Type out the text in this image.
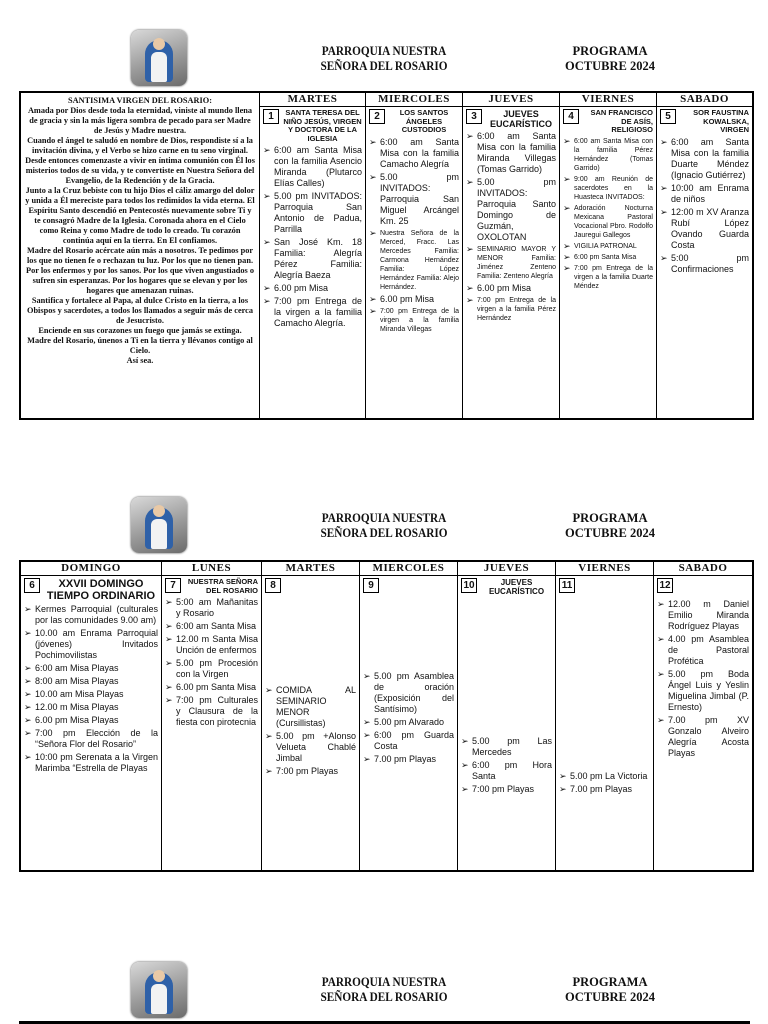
PARROQUIA NUESTRA SEÑORA DEL ROSARIO
PROGRAMA
OCTUBRE 2024
SANTISIMA VIRGEN DEL ROSARIO:
Amada por Dios desde toda la eternidad, viniste al mundo llena de gracia y sin la más ligera sombra de pecado para ser Madre de Jesús y Madre nuestra.
Cuando el ángel te saludó en nombre de Dios, respondiste sí a la invitación divina, y el Verbo se hizo carne en tu seno virginal. Desde entonces comenzaste a vivir en íntima comunión con Él los misterios todos de su vida, y te convertiste en Nuestra Señora del Evangelio, de la Redención y de la Gracia.
Junto a la Cruz bebiste con tu hijo Dios el cáliz amargo del dolor y unida a Él mereciste para todos los redimidos la vida eterna. El Espíritu Santo descendió en Pentecostés nuevamente sobre Ti y te consagró Madre de la Iglesia. Coronada ahora en el Cielo como Reina y como Madre de todo lo creado. Tu corazón continúa aquí en la tierra. En El confiamos.
Madre del Rosario acércate aún más a nosotros. Te pedimos por los que no tienen fe o rechazan tu luz. Por los que no tienen pan. Por los enfermos y por los sanos. Por los que viven angustiados o sufren sin esperanzas. Por los hogares que se elevan y por los hogares que amenazan ruinas.
Santifica y fortalece al Papa, al dulce Cristo en la tierra, a los Obispos y sacerdotes, a todos los llamados a seguir más de cerca de Jesucristo.
Enciende en sus corazones un fuego que jamás se extinga.
Madre del Rosario, únenos a Ti en la tierra y llévanos contigo al Cielo.
Así sea.
MARTES
1	SANTA TERESA DEL NIÑO JESÚS, VIRGEN Y DOCTORA DE LA IGLESIA
➢ 6:00 am Santa Misa con la familia Asencio Miranda (Plutarco Elías Calles)
➢ 5.00 pm INVITADOS: Parroquia San Antonio de Padua, Parrilla
➢ San José Km. 18 Familia: Alegría Pérez Familia: Alegría Baeza
➢ 6.00 pm Misa
➢ 7:00 pm Entrega de la virgen a la familia Camacho Alegría.
MIERCOLES
2	LOS SANTOS ÁNGELES CUSTODIOS
➢ 6:00 am Santa Misa con la familia Camacho Alegría
➢ 5.00 pm INVITADOS: Parroquia San Miguel Arcángel Km. 25
➢ Nuestra Señora de la Merced, Fracc. Las Mercedes Familia: Carmona Hernández Familia: López Hernández Familia: Alejo Hernández.
➢ 6.00 pm Misa
➢ 7:00 pm Entrega de la virgen a la familia Miranda Villegas
JUEVES
3	JUEVES EUCARÍSTICO
➢ 6:00 am Santa Misa con la familia Miranda Villegas (Tomas Garrido)
➢ 5.00 pm INVITADOS: Parroquia Santo Domingo de Guzmán, OXOLOTAN
➢ SEMINARIO MAYOR Y MENOR Familia: Jiménez Zenteno Familia: Zenteno Alegría
➢ 6.00 pm Misa
➢ 7:00 pm Entrega de la virgen a la familia Pérez Hernández
VIERNES
4	SAN FRANCISCO DE ASÍS, RELIGIOSO
➢ 6:00 am Santa Misa con la familia Pérez Hernández (Tomas Garrido)
➢ 9:00 am Reunión de sacerdotes en la Huasteca INVITADOS:
➢ Adoración Nocturna Mexicana Pastoral Vocacional Pbro. Rodolfo Jauregui Gallegos
➢ VIGILIA PATRONAL
➢ 6:00 pm Santa Misa
➢ 7:00 pm Entrega de la virgen a la familia Duarte Méndez
SABADO
5	SOR FAUSTINA KOWALSKA, VIRGEN
➢ 6:00 am Santa Misa con la familia Duarte Méndez (Ignacio Gutiérrez)
➢ 10:00 am Enrama de niños
➢ 12:00 m XV Aranza Rubí López Ovando Guarda Costa
➢ 5:00 pm Confirmaciones
PARROQUIA NUESTRA SEÑORA DEL ROSARIO
PROGRAMA
OCTUBRE 2024
DOMINGO
6	XXVII DOMINGO TIEMPO ORDINARIO
➢ Kermes Parroquial (culturales por las comunidades 9.00 am)
➢ 10.00 am Enrama Parroquial (jóvenes) Invitados Pochimovilistas
➢ 6:00 am Misa Playas
➢ 8:00 am Misa Playas
➢ 10.00 am Misa Playas
➢ 12.00 m Misa Playas
➢ 6.00 pm Misa Playas
➢ 7:00 pm Elección de la “Señora Flor del Rosario”
➢ 10:00 pm Serenata a la Virgen Marimba “Estrella de Playas
LUNES
7	NUESTRA SEÑORA DEL ROSARIO
➢ 5:00 am Mañanitas y Rosario
➢ 6:00 am Santa Misa
➢ 12.00 m Santa Misa Unción de enfermos
➢ 5.00 pm Procesión con la Virgen
➢ 6.00 pm Santa Misa
➢ 7:00 pm Culturales y Clausura de la fiesta con pirotecnia
MARTES
8
➢ COMIDA AL SEMINARIO MENOR (Cursillistas)
➢ 5.00 pm +Alonso Velueta Chablé Jimbal
➢ 7:00 pm Playas
MIERCOLES
9
➢ 5.00 pm Asamblea de oración (Exposición del Santísimo)
➢ 5.00 pm Alvarado
➢ 6:00 pm Guarda Costa
➢ 7.00 pm Playas
JUEVES
10	JUEVES EUCARÍSTICO
➢ 5.00 pm Las Mercedes
➢ 6:00 pm Hora Santa
➢ 7:00 pm Playas
VIERNES
11
➢ 5.00 pm La Victoria
➢ 7.00 pm Playas
SABADO
12
➢ 12.00 m Daniel Emilio Miranda Rodríguez Playas
➢ 4.00 pm Asamblea de Pastoral Profética
➢ 5.00 pm Boda Ángel Luis y Yeslin Miguelina Jimbal (P. Ernesto)
➢ 7.00 pm XV Gonzalo Alveiro Alegría Acosta Playas
PARROQUIA NUESTRA SEÑORA DEL ROSARIO
PROGRAMA
OCTUBRE 2024
